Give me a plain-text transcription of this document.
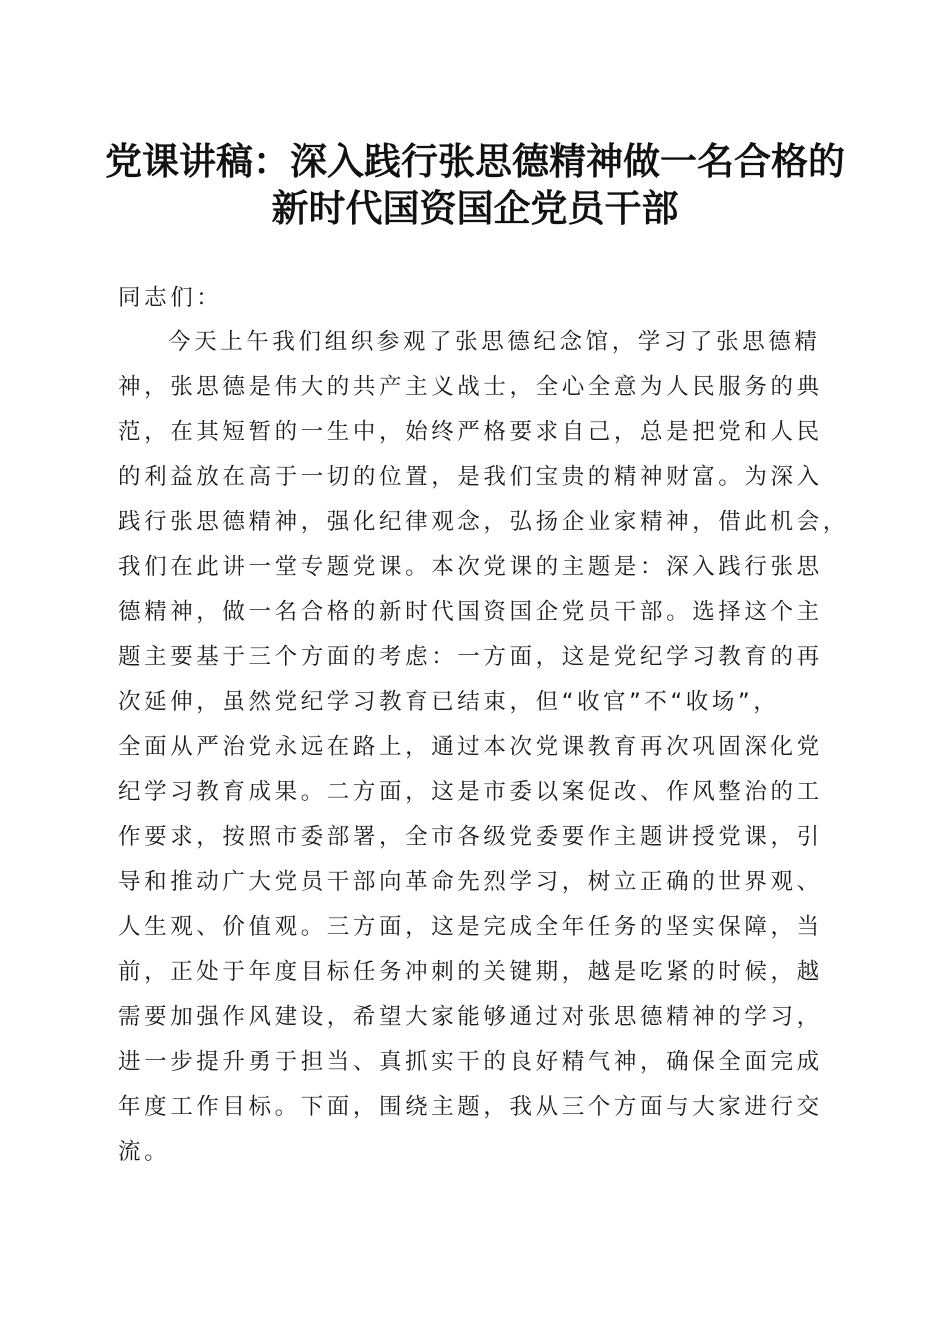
党课讲稿：深入践行张思德精神做一名合格的
新时代国资国企党员干部
同志们：
今天上午我们组织参观了张思德纪念馆，学习了张思德精
神，张思德是伟大的共产主义战士，全心全意为人民服务的典
范，在其短暂的一生中，始终严格要求自己，总是把党和人民
的利益放在高于一切的位置，是我们宝贵的精神财富。为深入
践行张思德精神，强化纪律观念，弘扬企业家精神，借此机会，
我们在此讲一堂专题党课。本次党课的主题是：深入践行张思
德精神，做一名合格的新时代国资国企党员干部。选择这个主
题主要基于三个方面的考虑：一方面，这是党纪学习教育的再
次延伸，虽然党纪学习教育已结束，但“收官”不“收场”，
全面从严治党永远在路上，通过本次党课教育再次巩固深化党
纪学习教育成果。二方面，这是市委以案促改、作风整治的工
作要求，按照市委部署，全市各级党委要作主题讲授党课，引
导和推动广大党员干部向革命先烈学习，树立正确的世界观、
人生观、价值观。三方面，这是完成全年任务的坚实保障，当
前，正处于年度目标任务冲刺的关键期，越是吃紧的时候，越
需要加强作风建设，希望大家能够通过对张思德精神的学习，
进一步提升勇于担当、真抓实干的良好精气神，确保全面完成
年度工作目标。下面，围绕主题，我从三个方面与大家进行交
流。
